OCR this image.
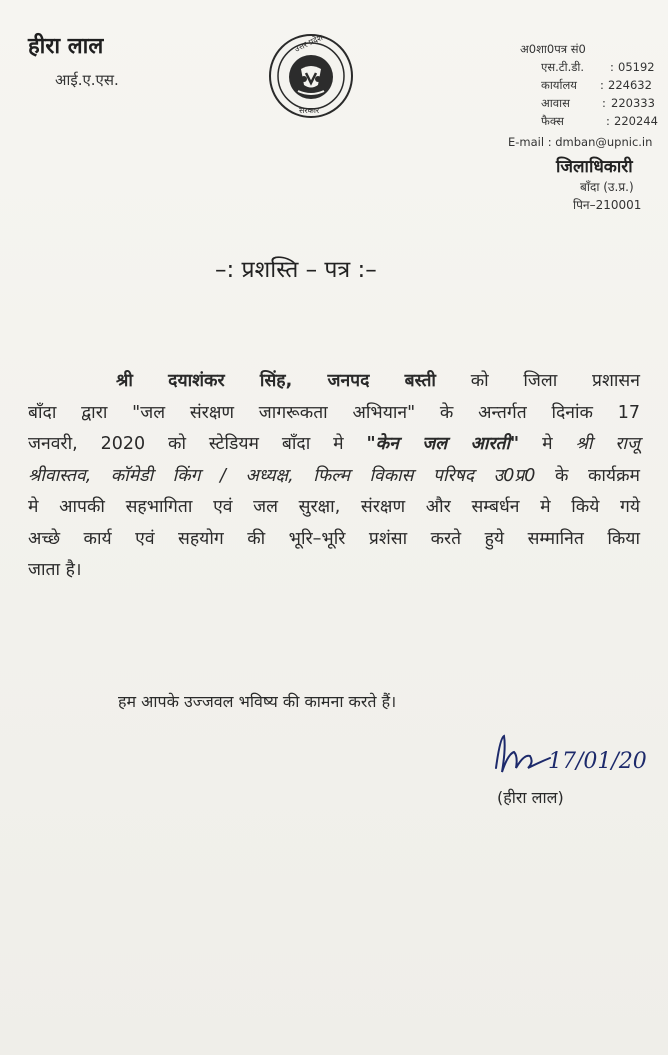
हीरा लाल
आई.ए.एस.
उत्तर प्रदेश
सरकार
अ0शा0पत्र सं0
एस.टी.डी. : 05192
कार्यालय : 224632
आवास	: 220333
फैक्स	: 220244
E-mail : dmban@upnic.in
जिलाधिकारी
बॉंदा (उ.प्र.)
पिन–210001
–: प्रशस्ति – पत्र :–
श्री दयाशंकर सिंह, जनपद बस्ती को जिला प्रशासन
बॉंदा द्वारा "जल संरक्षण जागरूकता अभियान" के अन्तर्गत दिनांक 17
जनवरी, 2020 को स्टेडियम बॉंदा मे "केन जल आरती" मे श्री राजू
श्रीवास्तव, कॉमेडी किंग / अध्यक्ष, फिल्म विकास परिषद उ0प्र0 के कार्यक्रम
मे आपकी सहभागिता एवं जल सुरक्षा, संरक्षण और सम्बर्धन मे किये गये
अच्छे कार्य एवं सहयोग की भूरि–भूरि प्रशंसा करते हुये सम्मानित किया
जाता है।
हम आपके उज्जवल भविष्य की कामना करते हैं।
17/01/20
(हीरा लाल)
